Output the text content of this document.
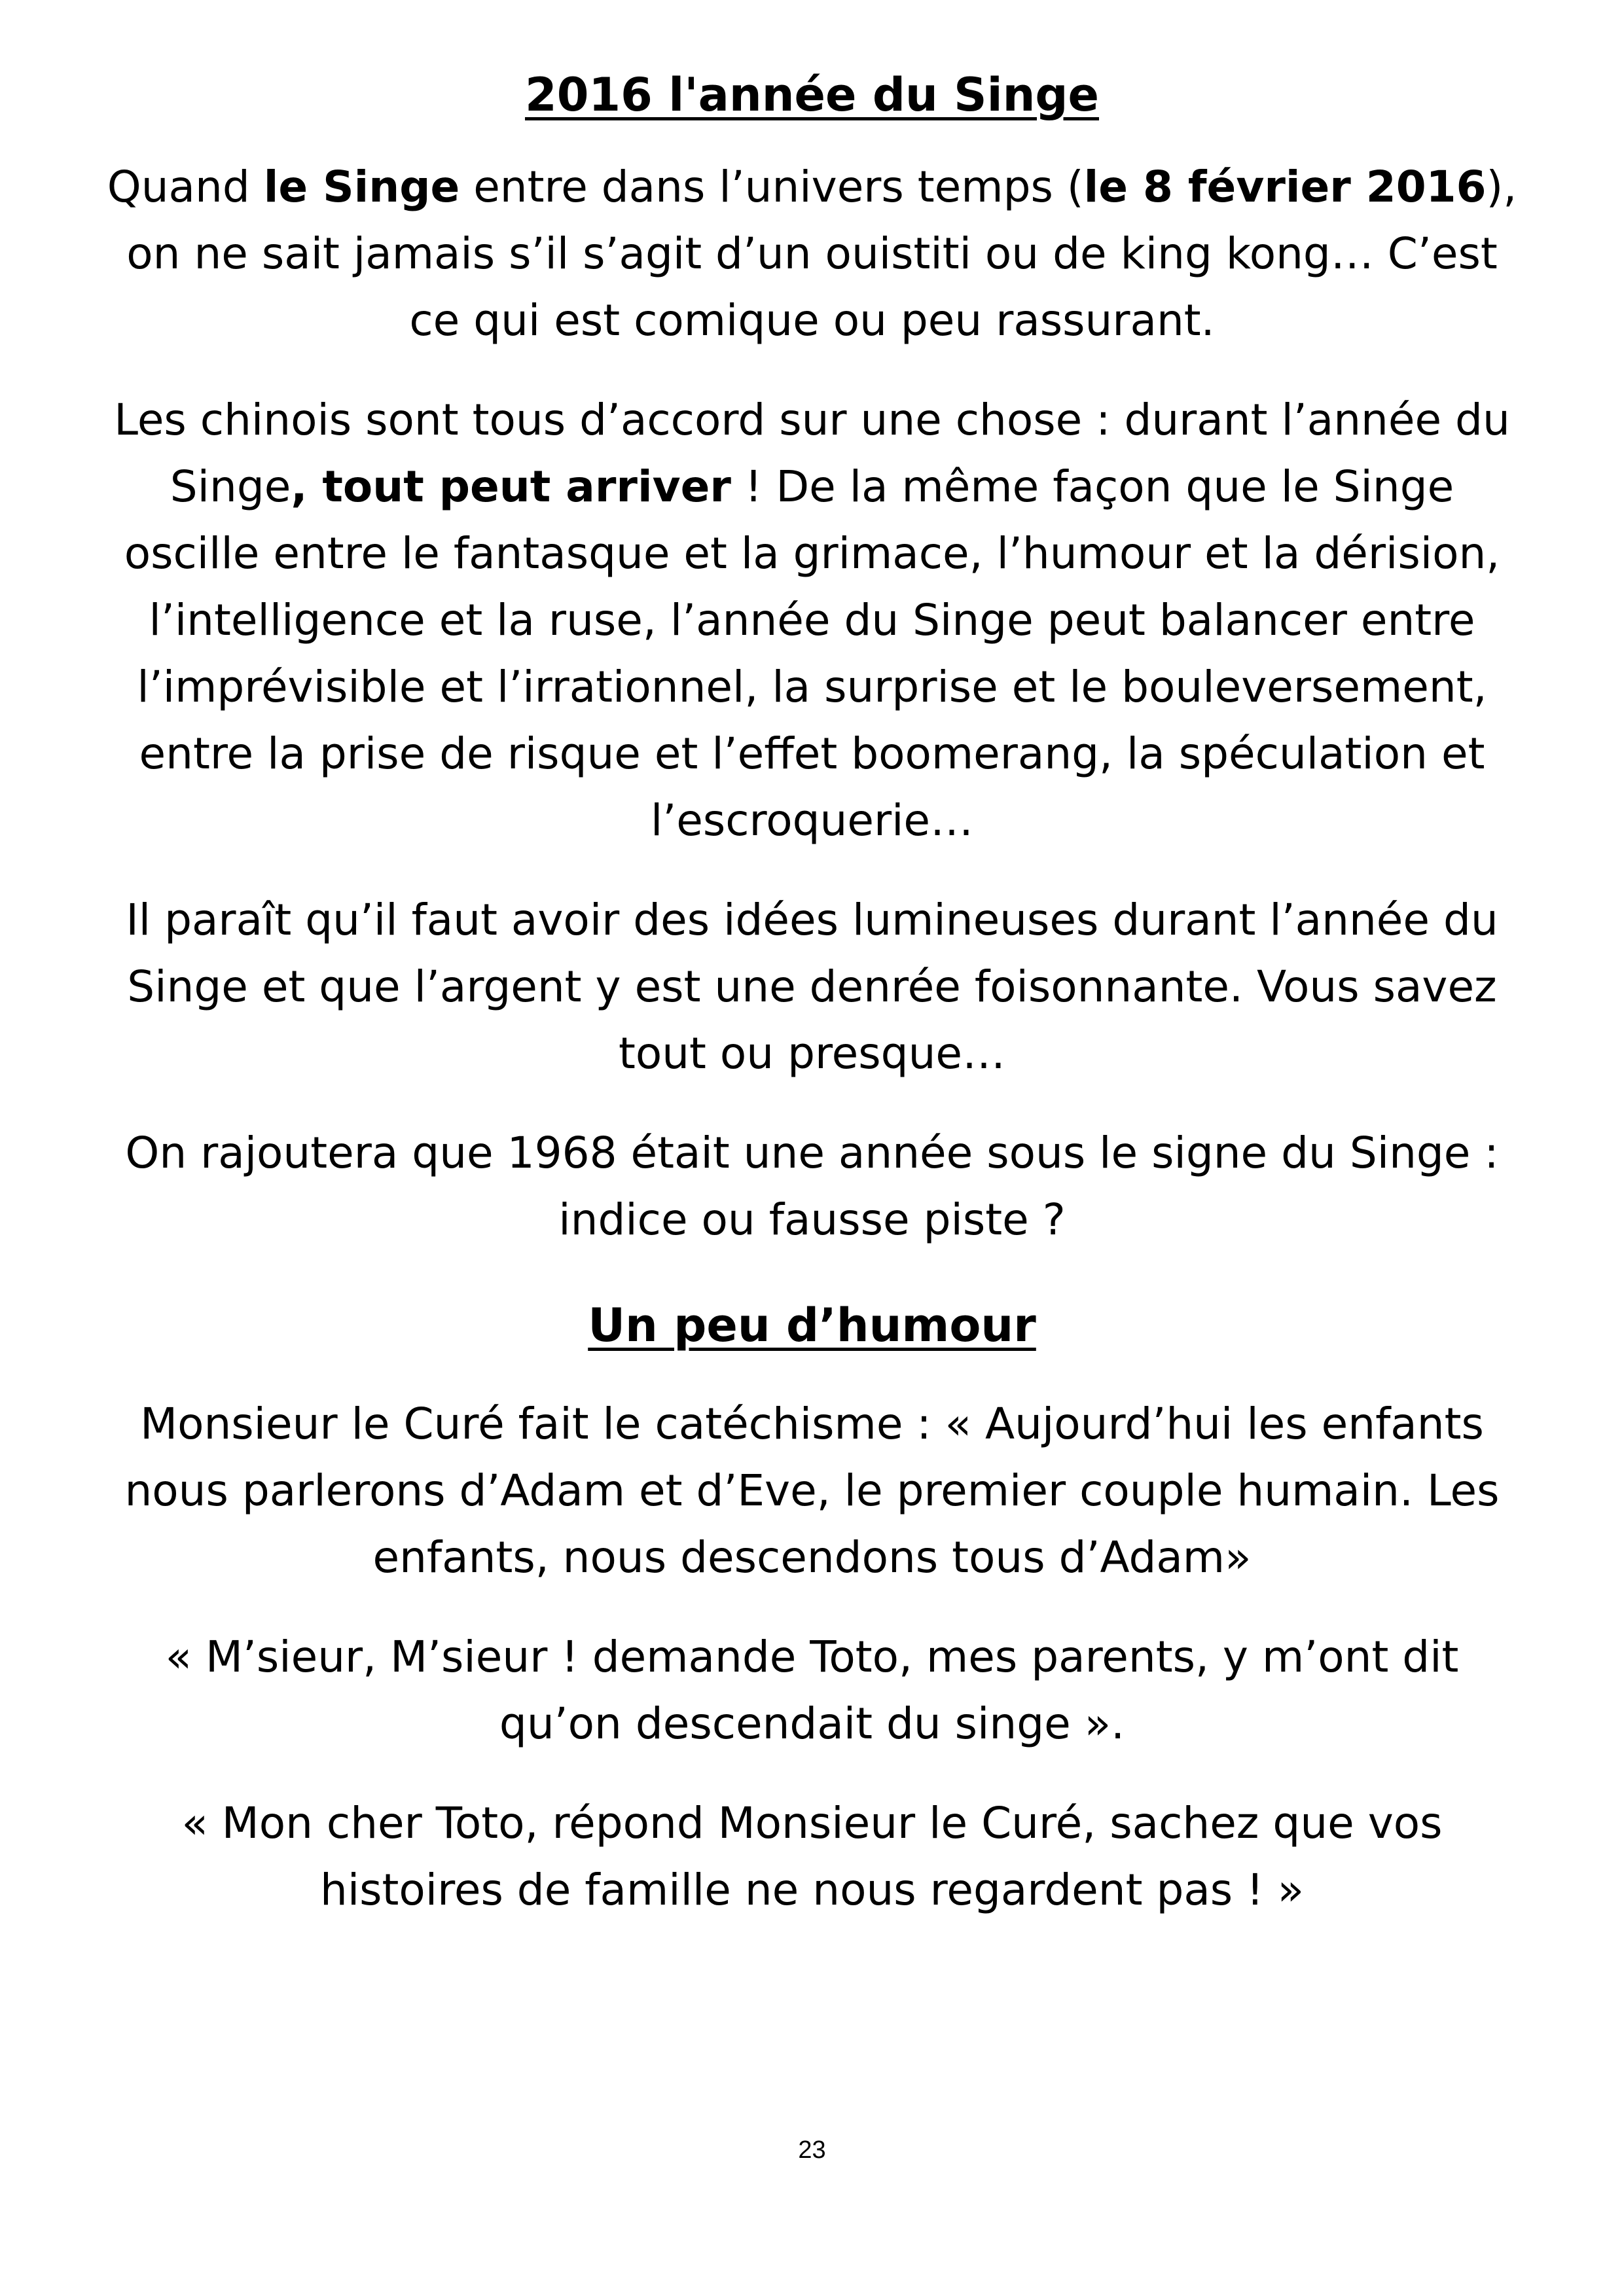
2016 l'année du Singe

Quand le Singe entre dans l’univers temps (le 8 février 2016), on ne sait jamais s’il s’agit d’un ouistiti ou de king kong… C’est ce qui est comique ou peu rassurant.

Les chinois sont tous d’accord sur une chose : durant l’année du Singe, tout peut arriver ! De la même façon que le Singe oscille entre le fantasque et la grimace, l’humour et la dérision, l’intelligence et la ruse, l’année du Singe peut balancer entre l’imprévisible et l’irrationnel, la surprise et le bouleversement, entre la prise de risque et l’effet boomerang, la spéculation et l’escroquerie…

Il paraît qu’il faut avoir des idées lumineuses durant l’année du Singe et que l’argent y est une denrée foisonnante. Vous savez tout ou presque…

On rajoutera que 1968 était une année sous le signe du Singe : indice ou fausse piste ?

Un peu d’humour

Monsieur le Curé fait le catéchisme : « Aujourd’hui les enfants nous parlerons d’Adam et d’Eve, le premier couple humain. Les enfants, nous descendons tous d’Adam»

« M’sieur, M’sieur ! demande Toto, mes parents, y m’ont dit qu’on descendait du singe ».

« Mon cher Toto, répond Monsieur le Curé, sachez que vos histoires de famille ne nous regardent pas ! »

23
